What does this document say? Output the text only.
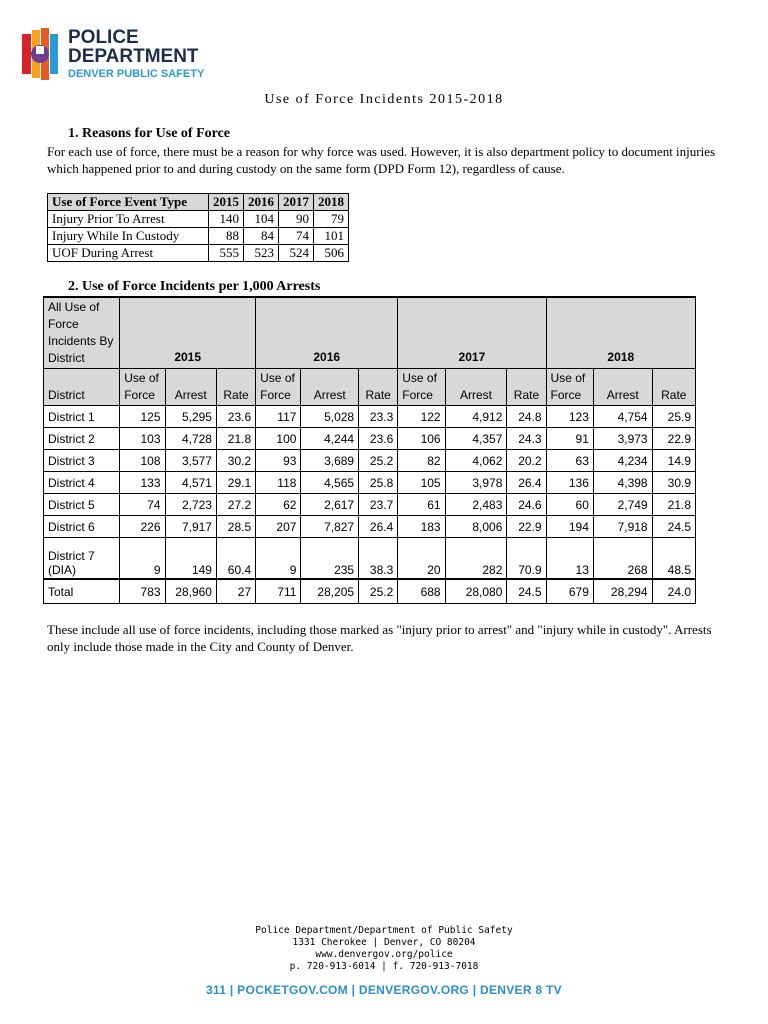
POLICE
DEPARTMENT
DENVER PUBLIC SAFETY
Use of Force Incidents 2015-2018
1. Reasons for Use of Force
For each use of force, there must be a reason for why force was used. However, it is also department policy to document injuries which happened prior to and during custody on the same form (DPD Form 12), regardless of cause.
Use of Force Event Type	2015	2016	2017	2018
Injury Prior To Arrest	140	104	90	79
Injury While In Custody	88	84	74	101
UOF During Arrest	555	523	524	506
2. Use of Force Incidents per 1,000 Arrests
All Use of Force Incidents By District	2015			2016			2017			2018		
District	Use of Force	Arrest	Rate	Use of Force	Arrest	Rate	Use of Force	Arrest	Rate	Use of Force	Arrest	Rate
District 1	125	5,295	23.6	117	5,028	23.3	122	4,912	24.8	123	4,754	25.9
District 2	103	4,728	21.8	100	4,244	23.6	106	4,357	24.3	91	3,973	22.9
District 3	108	3,577	30.2	93	3,689	25.2	82	4,062	20.2	63	4,234	14.9
District 4	133	4,571	29.1	118	4,565	25.8	105	3,978	26.4	136	4,398	30.9
District 5	74	2,723	27.2	62	2,617	23.7	61	2,483	24.6	60	2,749	21.8
District 6	226	7,917	28.5	207	7,827	26.4	183	8,006	22.9	194	7,918	24.5
District 7 (DIA)	9	149	60.4	9	235	38.3	20	282	70.9	13	268	48.5
Total	783	28,960	27	711	28,205	25.2	688	28,080	24.5	679	28,294	24.0
These include all use of force incidents, including those marked as "injury prior to arrest" and "injury while in custody". Arrests only include those made in the City and County of Denver.
Police Department/Department of Public Safety
1331 Cherokee | Denver, CO 80204
www.denvergov.org/police
p. 720-913-6014 | f. 720-913-7018
311 | POCKETGOV.COM | DENVERGOV.ORG | DENVER 8 TV
